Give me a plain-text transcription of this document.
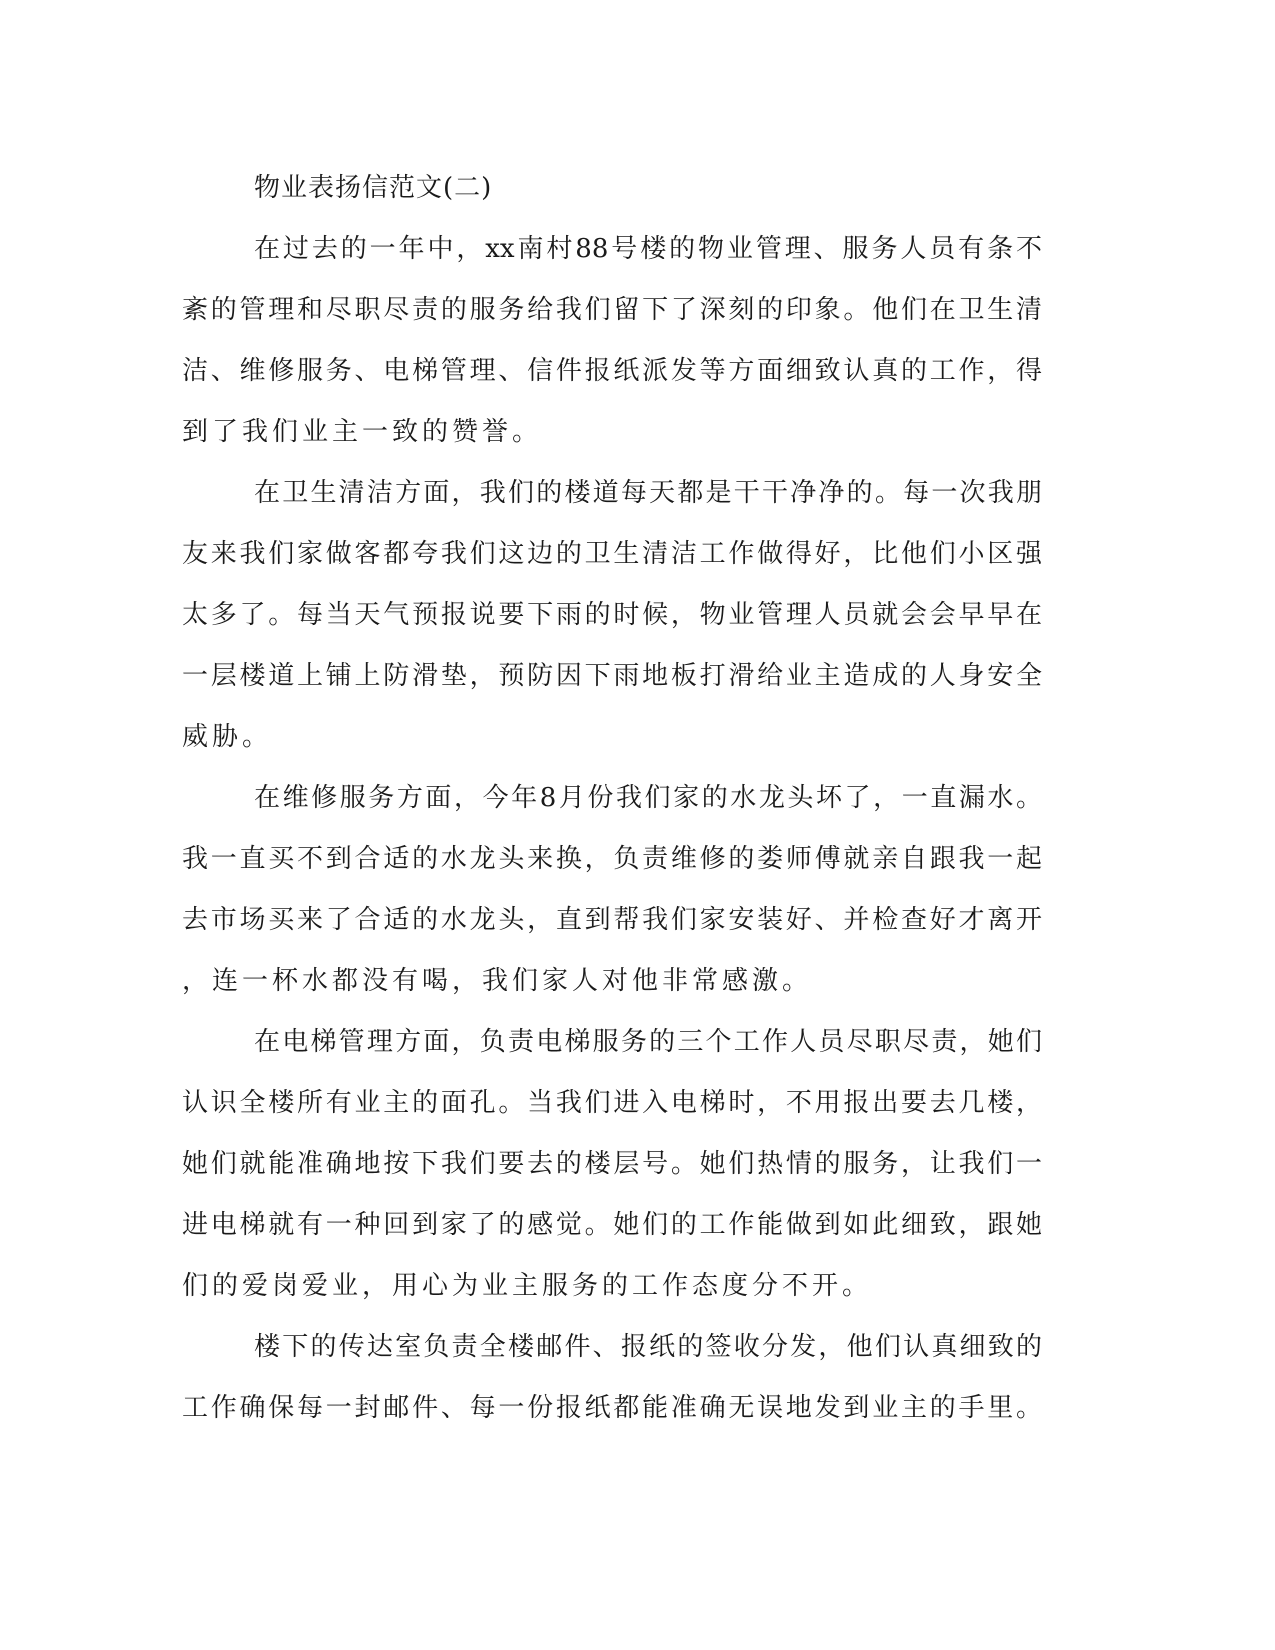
物业表扬信范文(二)
在过去的一年中，xx南村88号楼的物业管理、服务人员有条不
紊的管理和尽职尽责的服务给我们留下了深刻的印象。他们在卫生清
洁、维修服务、电梯管理、信件报纸派发等方面细致认真的工作，得
到了我们业主一致的赞誉。
在卫生清洁方面，我们的楼道每天都是干干净净的。每一次我朋
友来我们家做客都夸我们这边的卫生清洁工作做得好，比他们小区强
太多了。每当天气预报说要下雨的时候，物业管理人员就会会早早在
一层楼道上铺上防滑垫，预防因下雨地板打滑给业主造成的人身安全
威胁。
在维修服务方面，今年8月份我们家的水龙头坏了，一直漏水。
我一直买不到合适的水龙头来换，负责维修的娄师傅就亲自跟我一起
去市场买来了合适的水龙头，直到帮我们家安装好、并检查好才离开
，连一杯水都没有喝，我们家人对他非常感激。
在电梯管理方面，负责电梯服务的三个工作人员尽职尽责，她们
认识全楼所有业主的面孔。当我们进入电梯时，不用报出要去几楼，
她们就能准确地按下我们要去的楼层号。她们热情的服务，让我们一
进电梯就有一种回到家了的感觉。她们的工作能做到如此细致，跟她
们的爱岗爱业，用心为业主服务的工作态度分不开。
楼下的传达室负责全楼邮件、报纸的签收分发，他们认真细致的
工作确保每一封邮件、每一份报纸都能准确无误地发到业主的手里。
